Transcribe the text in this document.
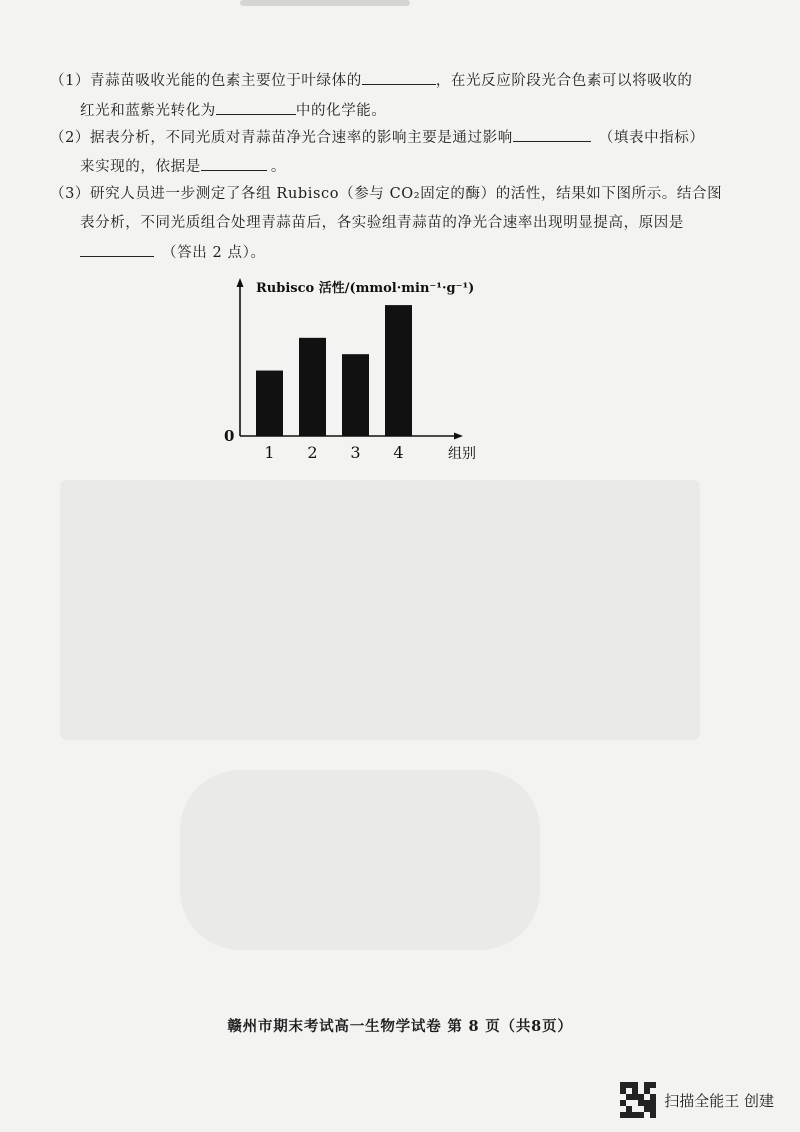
（1）青蒜苗吸收光能的色素主要位于叶绿体的	，在光反应阶段光合色素可以将吸收的
红光和蓝紫光转化为	中的化学能。
（2）据表分析，不同光质对青蒜苗净光合速率的影响主要是通过影响	（填表中指标）
来实现的，依据是	。
（3）研究人员进一步测定了各组 Rubisco（参与 CO₂固定的酶）的活性，结果如下图所示。结合图
表分析，不同光质组合处理青蒜苗后，各实验组青蒜苗的净光合速率出现明显提高，原因是
（答出 2 点）。
Rubisco 活性/(mmol·min⁻¹·g⁻¹)
0
组别
1 2 3 4
赣州市期末考试高一生物学试卷 第 8 页（共8页）
扫描全能王 创建
